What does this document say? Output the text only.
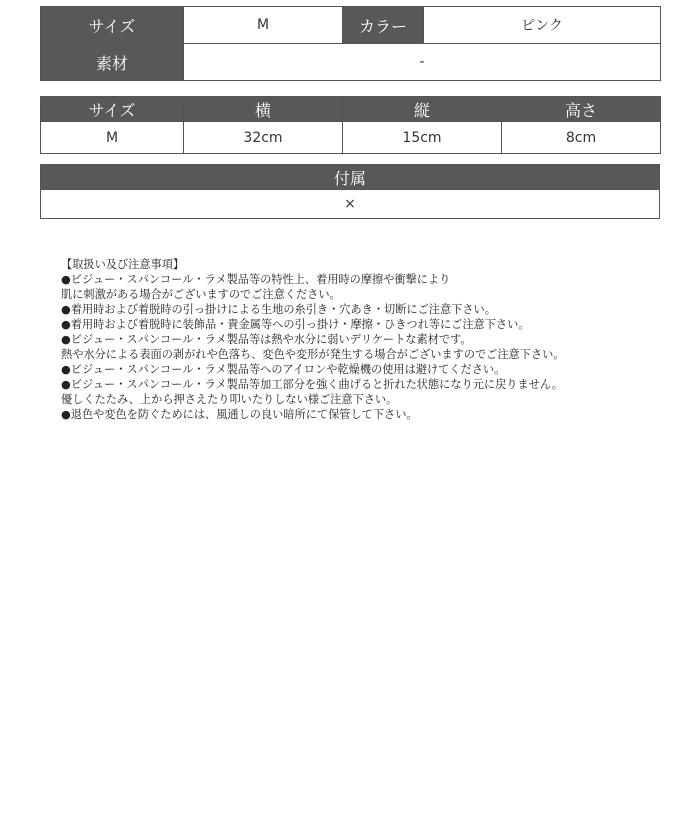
サイズ	M	カラー	ピンク
素材	-		
サイズ	横	縦	高さ
M	32cm	15cm	8cm
付属
×
【取扱い及び注意事項】
●ビジュー・スパンコール・ラメ製品等の特性上、着用時の摩擦や衝撃により
肌に刺激がある場合がございますのでご注意ください。
●着用時および着脱時の引っ掛けによる生地の糸引き・穴あき・切断にご注意下さい。
●着用時および着脱時に装飾品・貴金属等への引っ掛け・摩擦・ひきつれ等にご注意下さい。
●ビジュー・スパンコール・ラメ製品等は熱や水分に弱いデリケートな素材です。
熱や水分による表面の剥がれや色落ち、変色や変形が発生する場合がございますのでご注意下さい。
●ビジュー・スパンコール・ラメ製品等へのアイロンや乾燥機の使用は避けてください。
●ビジュー・スパンコール・ラメ製品等加工部分を強く曲げると折れた状態になり元に戻りません。
優しくたたみ、上から押さえたり叩いたりしない様ご注意下さい。
●退色や変色を防ぐためには、風通しの良い暗所にて保管して下さい。
